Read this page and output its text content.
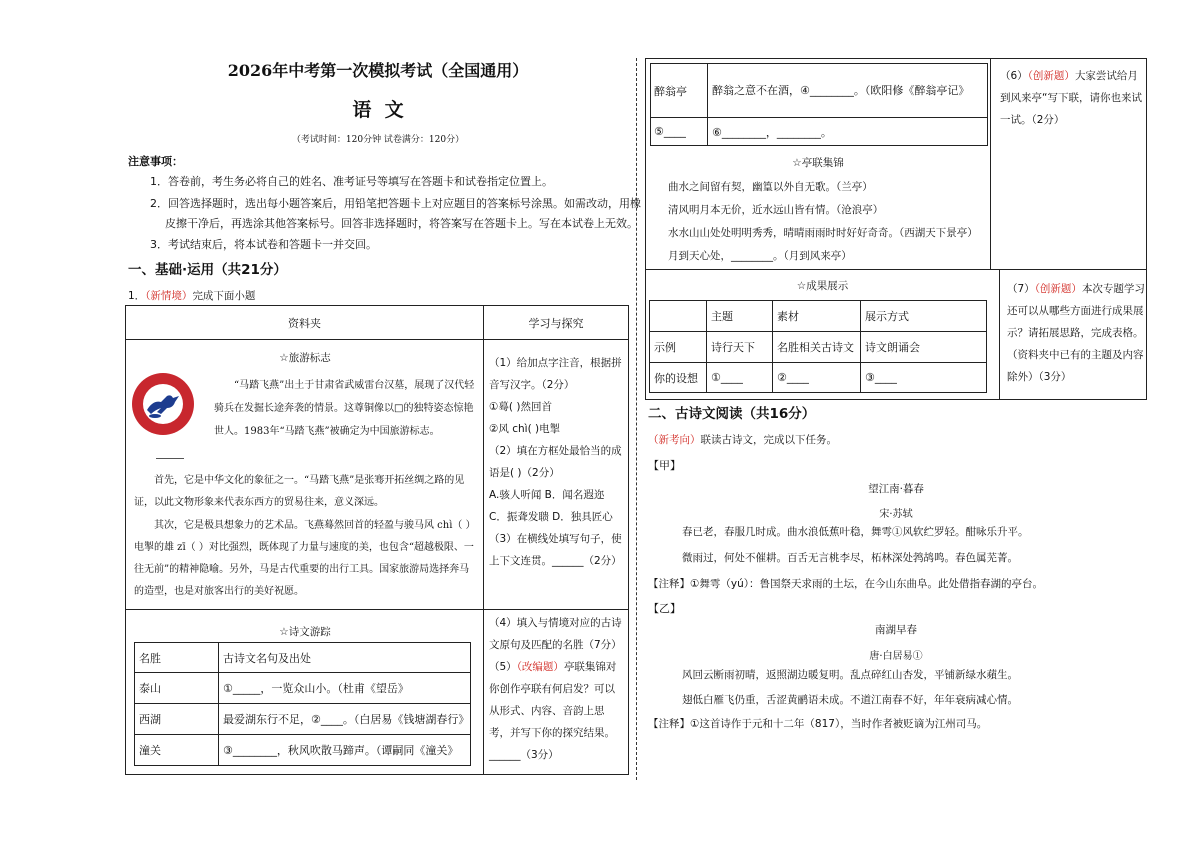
2026年中考第一次模拟考试（全国通用）
语  文
（考试时间：120分钟 试卷满分：120分）
注意事项：
1．答卷前，考生务必将自己的姓名、准考证号等填写在答题卡和试卷指定位置上。
2．回答选择题时，选出每小题答案后，用铅笔把答题卡上对应题目的答案标号涂黑。如需改动，用橡
皮擦干净后，再选涂其他答案标号。回答非选择题时，将答案写在答题卡上。写在本试卷上无效。
3．考试结束后，将本试卷和答题卡一并交回。
一、基础·运用（共21分）
1．（新情境）完成下面小题
资料夹	学习与探究
☆旅游标志
“马踏飞燕”出土于甘肃省武威雷台汉墓，展现了汉代轻骑兵在发掘长途奔袭的情景。这尊铜像以□的独特姿态惊艳世人。1983年“马踏飞燕”被确定为中国旅游标志。
首先，它是中华文化的象征之一。“马踏飞燕”是张骞开拓丝绸之路的见证，以此文物形象来代表东西方的贸易往来，意义深远。
其次，它是极具想象力的艺术品。飞燕蓦然回首的轻盈与骏马风 chì（ ）电掣的雄 zī（ ）对比强烈，既体现了力量与速度的美，也包含“超越极限、一往无前”的精神隐喻。另外，马是古代重要的出行工具。国家旅游局选择奔马的造型，也是对旅客出行的美好祝愿。
（1）给加点字注音，根据拼音写汉字。（2分）
①蓦( )然回首
②风 chì( )电掣
（2）填在方框处最恰当的成语是( )（2分）
A.骇人听闻 B．闻名遐迩
C．振聋发聩 D．独具匠心
（3）在横线处填写句子，使上下文连贯。______（2分）
☆诗文游踪
名胜	古诗文名句及出处
泰山	①_____，一览众山小。（杜甫《望岳》
西湖	最爱湖东行不足，②____。（白居易《钱塘湖春行》
潼关	③________，秋风吹散马蹄声。（谭嗣同《潼关》
（4）填入与情境对应的古诗文原句及匹配的名胜（7分）
（5）（改编题）亭联集锦对你创作亭联有何启发？可以从形式、内容、音韵上思考，并写下你的探究结果。______（3分）
醉翁亭	醉翁之意不在酒，④________。（欧阳修《醉翁亭记》
⑤____	⑥________，________。
☆亭联集锦
曲水之间留有契，幽篁以外自无歌。（兰亭）
清风明月本无价，近水远山皆有情。（沧浪亭）
水水山山处处明明秀秀，晴晴雨雨时时好好奇奇。（西湖天下景亭）
月到天心处，________。（月到风来亭）
（6）（创新题）大家尝试给月到风来亭“写下联，请你也来试一试。（2分）
☆成果展示
	主题	素材	展示方式
示例	诗行天下	名胜相关古诗文	诗文朗诵会
你的设想	①____	②____	③____
（7）（创新题）本次专题学习还可以从哪些方面进行成果展示？请拓展思路，完成表格。（资料夹中已有的主题及内容除外）（3分）
二、古诗文阅读（共16分）
（新考向）联读古诗文，完成以下任务。
【甲】
望江南·暮春
宋·苏轼
春已老，春服几时成。曲水浪低蕉叶稳，舞雩①风软纻罗轻。酣咏乐升平。
微雨过，何处不催耕。百舌无言桃李尽，柘林深处鹁鸪鸣。春色属芜菁。
【注释】①舞雩（yú）：鲁国祭天求雨的土坛，在今山东曲阜。此处借指春湖的亭台。
【乙】
南湖早春
唐·白居易①
风回云断雨初晴，返照湖边暖复明。乱点碎红山杏发，平铺新绿水蘋生。
翅低白雁飞仍重，舌涩黄鹂语未成。不道江南春不好，年年衰病减心情。
【注释】①这首诗作于元和十二年（817），当时作者被贬谪为江州司马。
